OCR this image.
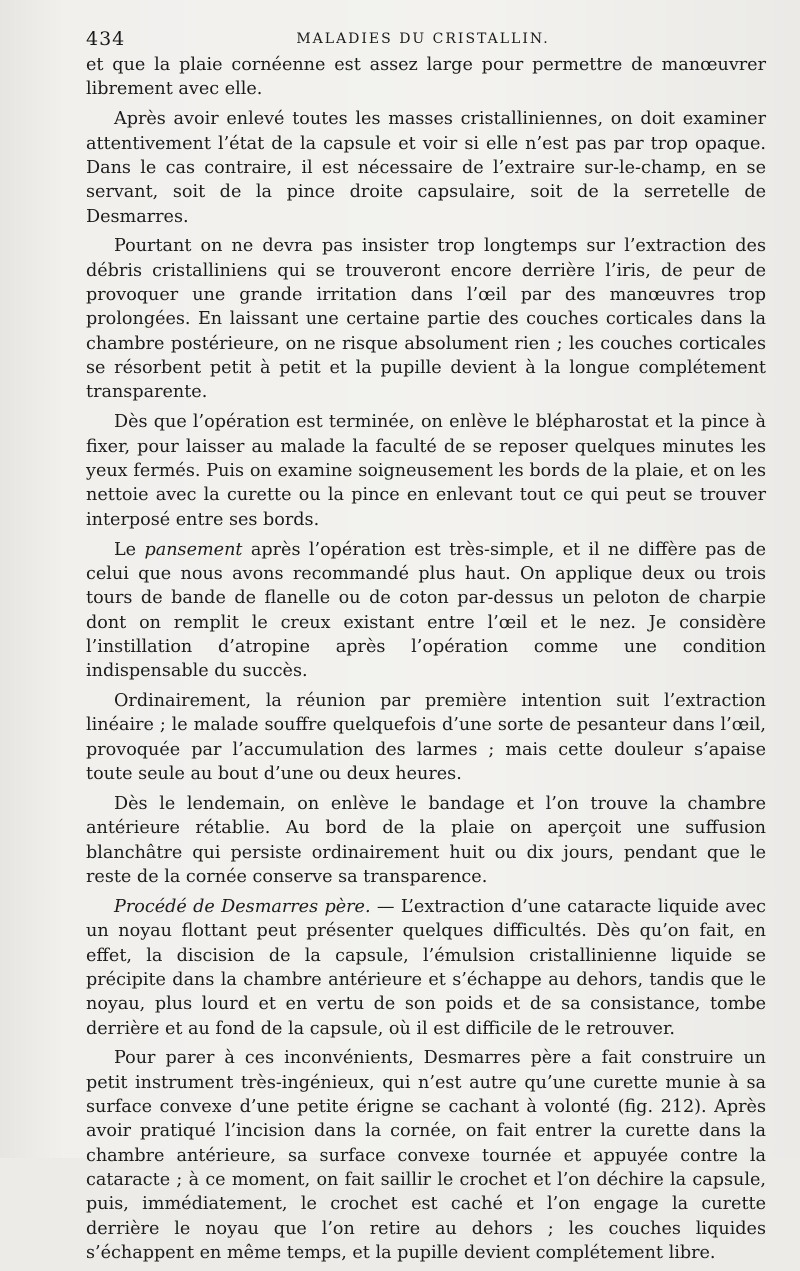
434	MALADIES DU CRISTALLIN.

et que la plaie cornéenne est assez large pour permettre de manœuvrer librement avec elle.

Après avoir enlevé toutes les masses cristalliniennes, on doit examiner attentivement l’état de la capsule et voir si elle n’est pas par trop opaque. Dans le cas contraire, il est nécessaire de l’extraire sur-le-champ, en se servant, soit de la pince droite capsulaire, soit de la serretelle de Desmarres.

Pourtant on ne devra pas insister trop longtemps sur l’extraction des débris cristalliniens qui se trouveront encore derrière l’iris, de peur de provoquer une grande irritation dans l’œil par des manœuvres trop prolongées. En laissant une certaine partie des couches corticales dans la chambre postérieure, on ne risque absolument rien ; les couches corticales se résorbent petit à petit et la pupille devient à la longue complétement transparente.

Dès que l’opération est terminée, on enlève le blépharostat et la pince à fixer, pour laisser au malade la faculté de se reposer quelques minutes les yeux fermés. Puis on examine soigneusement les bords de la plaie, et on les nettoie avec la curette ou la pince en enlevant tout ce qui peut se trouver interposé entre ses bords.

Le pansement après l’opération est très-simple, et il ne diffère pas de celui que nous avons recommandé plus haut. On applique deux ou trois tours de bande de flanelle ou de coton par-dessus un peloton de charpie dont on remplit le creux existant entre l’œil et le nez. Je considère l’instillation d’atropine après l’opération comme une condition indispensable du succès.

Ordinairement, la réunion par première intention suit l’extraction linéaire ; le malade souffre quelquefois d’une sorte de pesanteur dans l’œil, provoquée par l’accumulation des larmes ; mais cette douleur s’apaise toute seule au bout d’une ou deux heures.

Dès le lendemain, on enlève le bandage et l’on trouve la chambre antérieure rétablie. Au bord de la plaie on aperçoit une suffusion blanchâtre qui persiste ordinairement huit ou dix jours, pendant que le reste de la cornée conserve sa transparence.

Procédé de Desmarres père. — L’extraction d’une cataracte liquide avec un noyau flottant peut présenter quelques difficultés. Dès qu’on fait, en effet, la discision de la capsule, l’émulsion cristallinienne liquide se précipite dans la chambre antérieure et s’échappe au dehors, tandis que le noyau, plus lourd et en vertu de son poids et de sa consistance, tombe derrière et au fond de la capsule, où il est difficile de le retrouver.

Pour parer à ces inconvénients, Desmarres père a fait construire un petit instrument très-ingénieux, qui n’est autre qu’une curette munie à sa surface convexe d’une petite érigne se cachant à volonté (fig. 212). Après avoir pratiqué l’incision dans la cornée, on fait entrer la curette dans la chambre antérieure, sa surface convexe tournée et appuyée contre la cataracte ; à ce moment, on fait saillir le crochet et l’on déchire la capsule, puis, immédiatement, le crochet est caché et l’on engage la curette derrière le noyau que l’on retire au dehors ; les couches liquides s’échappent en même temps, et la pupille devient complétement libre.
